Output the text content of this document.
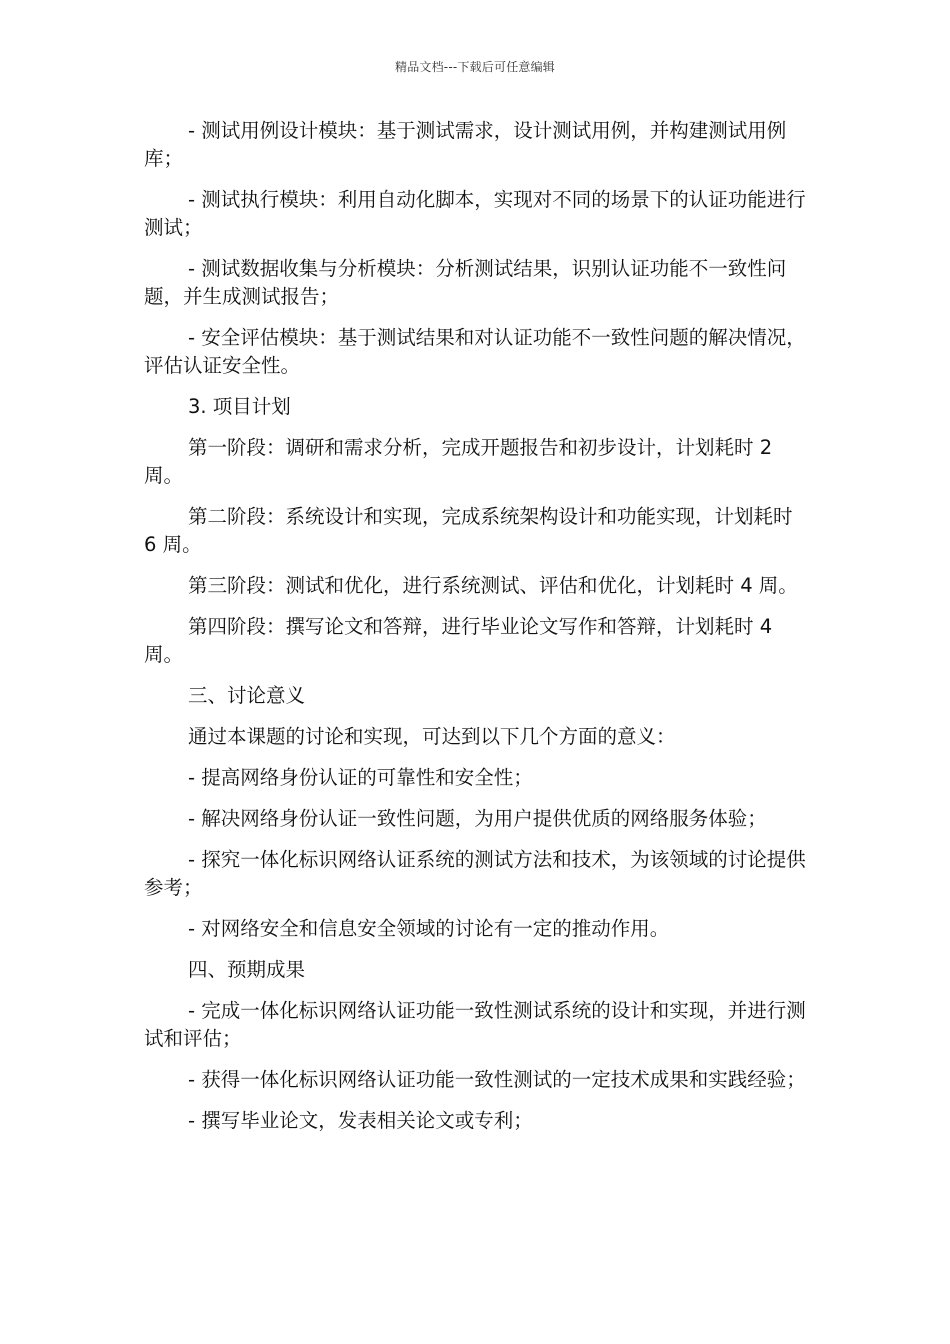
精品文档---下载后可任意编辑

- 测试用例设计模块：基于测试需求，设计测试用例，并构建测试用例库；

- 测试执行模块：利用自动化脚本，实现对不同的场景下的认证功能进行测试；

- 测试数据收集与分析模块：分析测试结果，识别认证功能不一致性问题，并生成测试报告；

- 安全评估模块：基于测试结果和对认证功能不一致性问题的解决情况，评估认证安全性。

3. 项目计划

第一阶段：调研和需求分析，完成开题报告和初步设计，计划耗时 2 周。

第二阶段：系统设计和实现，完成系统架构设计和功能实现，计划耗时 6 周。

第三阶段：测试和优化，进行系统测试、评估和优化，计划耗时 4 周。

第四阶段：撰写论文和答辩，进行毕业论文写作和答辩，计划耗时 4 周。

三、讨论意义

通过本课题的讨论和实现，可达到以下几个方面的意义：

- 提高网络身份认证的可靠性和安全性；

- 解决网络身份认证一致性问题，为用户提供优质的网络服务体验；

- 探究一体化标识网络认证系统的测试方法和技术，为该领域的讨论提供参考；

- 对网络安全和信息安全领域的讨论有一定的推动作用。

四、预期成果

- 完成一体化标识网络认证功能一致性测试系统的设计和实现，并进行测试和评估；

- 获得一体化标识网络认证功能一致性测试的一定技术成果和实践经验；

- 撰写毕业论文，发表相关论文或专利；
